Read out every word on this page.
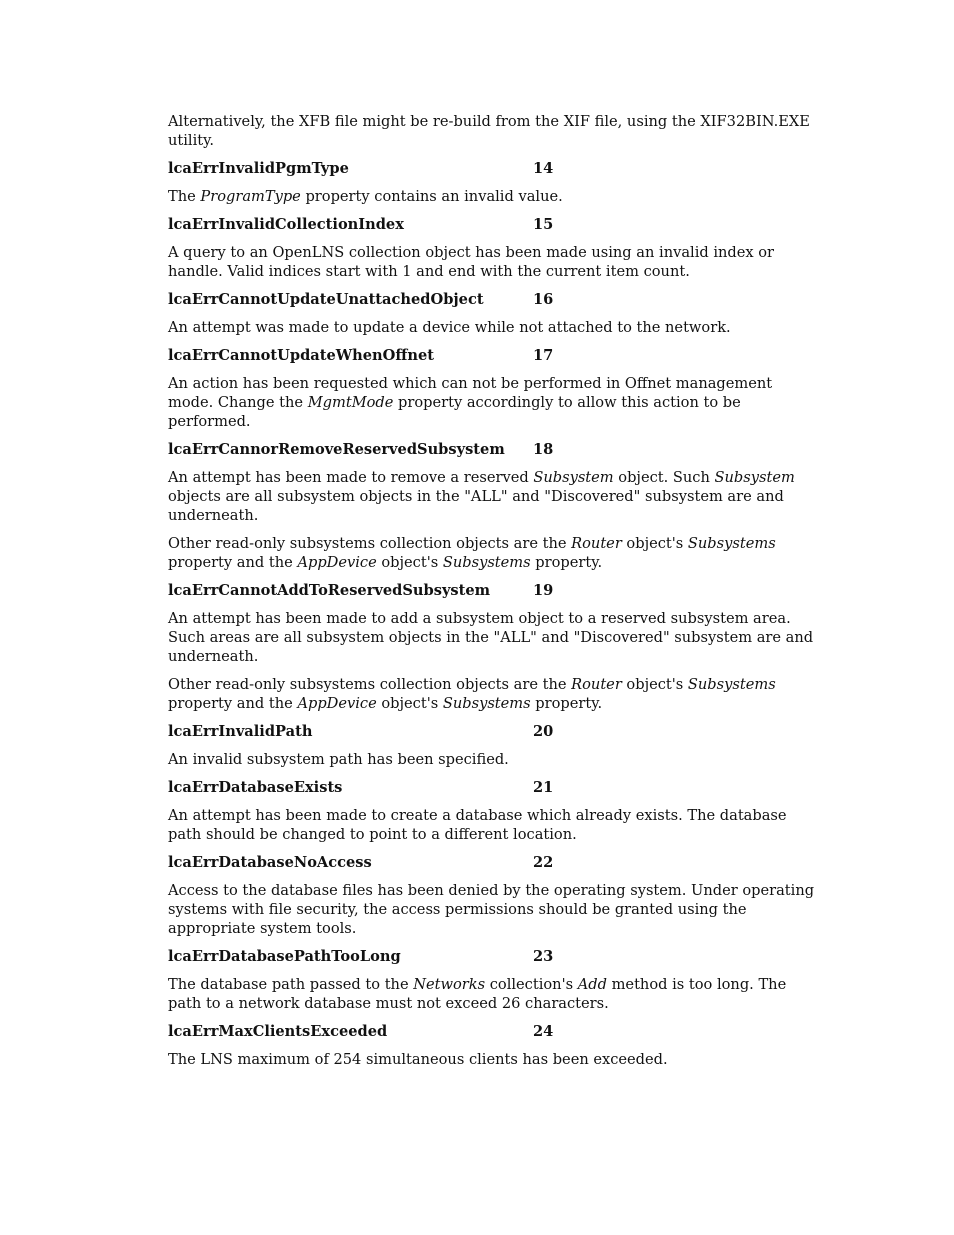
Alternatively, the XFB file might be re-build from the XIF file, using the XIF32BIN.EXE utility.

lcaErrInvalidPgmType	14

The ProgramType property contains an invalid value.

lcaErrInvalidCollectionIndex	15

A query to an OpenLNS collection object has been made using an invalid index or handle. Valid indices start with 1 and end with the current item count.

lcaErrCannotUpdateUnattachedObject	16

An attempt was made to update a device while not attached to the network.

lcaErrCannotUpdateWhenOffnet	17

An action has been requested which can not be performed in Offnet management mode. Change the MgmtMode property accordingly to allow this action to be performed.

lcaErrCannorRemoveReservedSubsystem	18

An attempt has been made to remove a reserved Subsystem object. Such Subsystem objects are all subsystem objects in the "ALL" and "Discovered" subsystem are and underneath.

Other read-only subsystems collection objects are the Router object's Subsystems property and the AppDevice object's Subsystems property.

lcaErrCannotAddToReservedSubsystem	19

An attempt has been made to add a subsystem object to a reserved subsystem area. Such areas are all subsystem objects in the "ALL" and "Discovered" subsystem are and underneath.

Other read-only subsystems collection objects are the Router object's Subsystems property and the AppDevice object's Subsystems property.

lcaErrInvalidPath	20

An invalid subsystem path has been specified.

lcaErrDatabaseExists	21

An attempt has been made to create a database which already exists. The database path should be changed to point to a different location.

lcaErrDatabaseNoAccess	22

Access to the database files has been denied by the operating system. Under operating systems with file security, the access permissions should be granted using the appropriate system tools.

lcaErrDatabasePathTooLong	23

The database path passed to the Networks collection's Add method is too long. The path to a network database must not exceed 26 characters.

lcaErrMaxClientsExceeded	24

The LNS maximum of 254 simultaneous clients has been exceeded.
